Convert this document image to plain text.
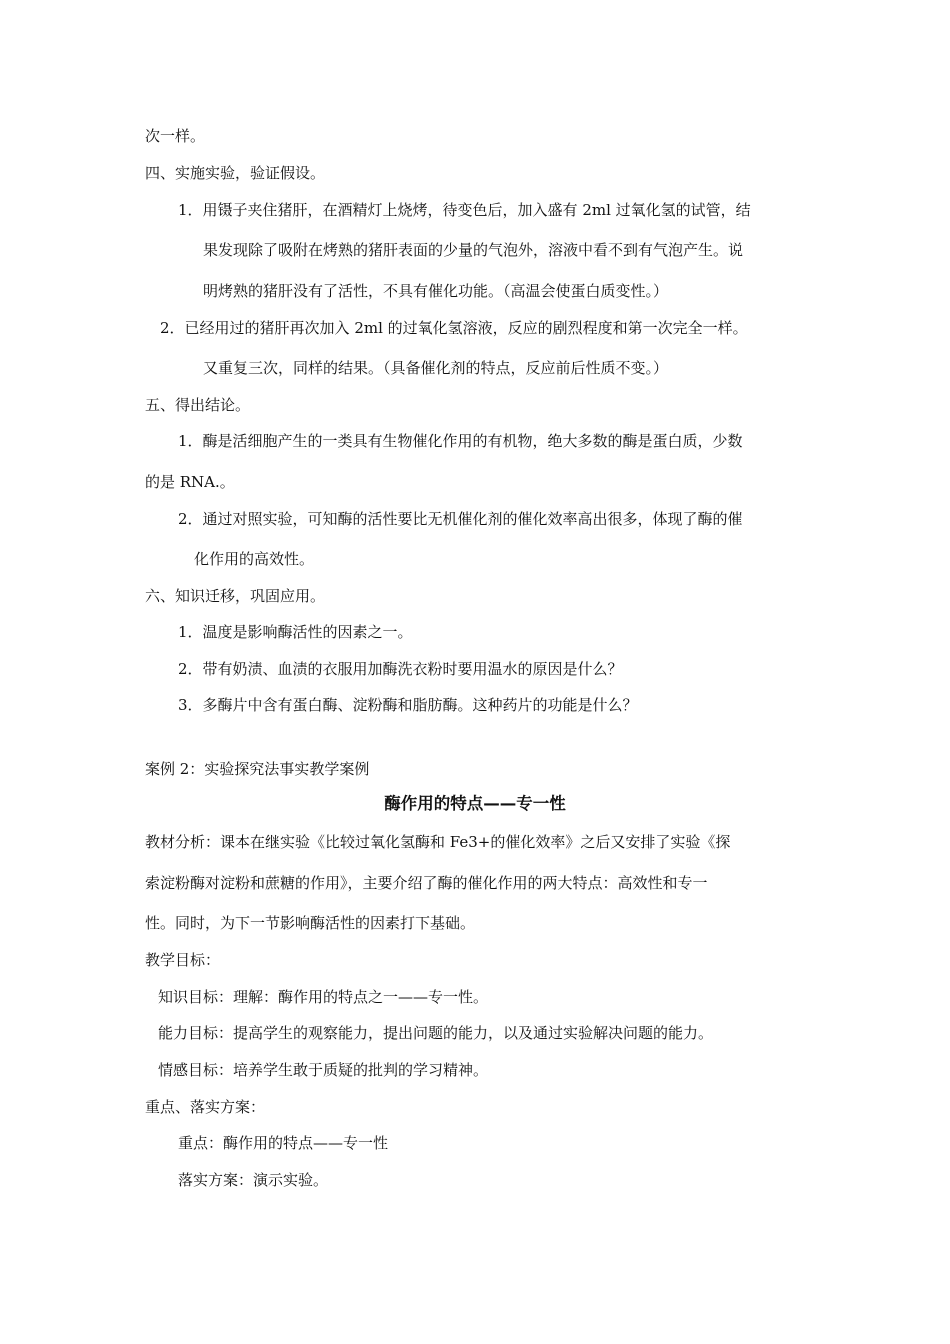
次一样。
四、实施实验，验证假设。
1．用镊子夹住猪肝，在酒精灯上烧烤，待变色后，加入盛有 2ml 过氧化氢的试管，结
果发现除了吸附在烤熟的猪肝表面的少量的气泡外，溶液中看不到有气泡产生。说
明烤熟的猪肝没有了活性，不具有催化功能。（高温会使蛋白质变性。）
2．已经用过的猪肝再次加入 2ml 的过氧化氢溶液，反应的剧烈程度和第一次完全一样。
又重复三次，同样的结果。（具备催化剂的特点，反应前后性质不变。）
五、得出结论。
1．酶是活细胞产生的一类具有生物催化作用的有机物，绝大多数的酶是蛋白质，少数
的是 RNA.。
2．通过对照实验，可知酶的活性要比无机催化剂的催化效率高出很多，体现了酶的催
化作用的高效性。
六、知识迁移，巩固应用。
1．温度是影响酶活性的因素之一。
2．带有奶渍、血渍的衣服用加酶洗衣粉时要用温水的原因是什么？
3．多酶片中含有蛋白酶、淀粉酶和脂肪酶。这种药片的功能是什么？
案例 2：实验探究法事实教学案例
酶作用的特点——专一性
教材分析：课本在继实验《比较过氧化氢酶和 Fe3+的催化效率》之后又安排了实验《探
索淀粉酶对淀粉和蔗糖的作用》，主要介绍了酶的催化作用的两大特点：高效性和专一
性。同时，为下一节影响酶活性的因素打下基础。
教学目标：
知识目标：理解：酶作用的特点之一——专一性。
能力目标：提高学生的观察能力，提出问题的能力，以及通过实验解决问题的能力。
情感目标：培养学生敢于质疑的批判的学习精神。
重点、落实方案：
重点：酶作用的特点——专一性
落实方案：演示实验。
